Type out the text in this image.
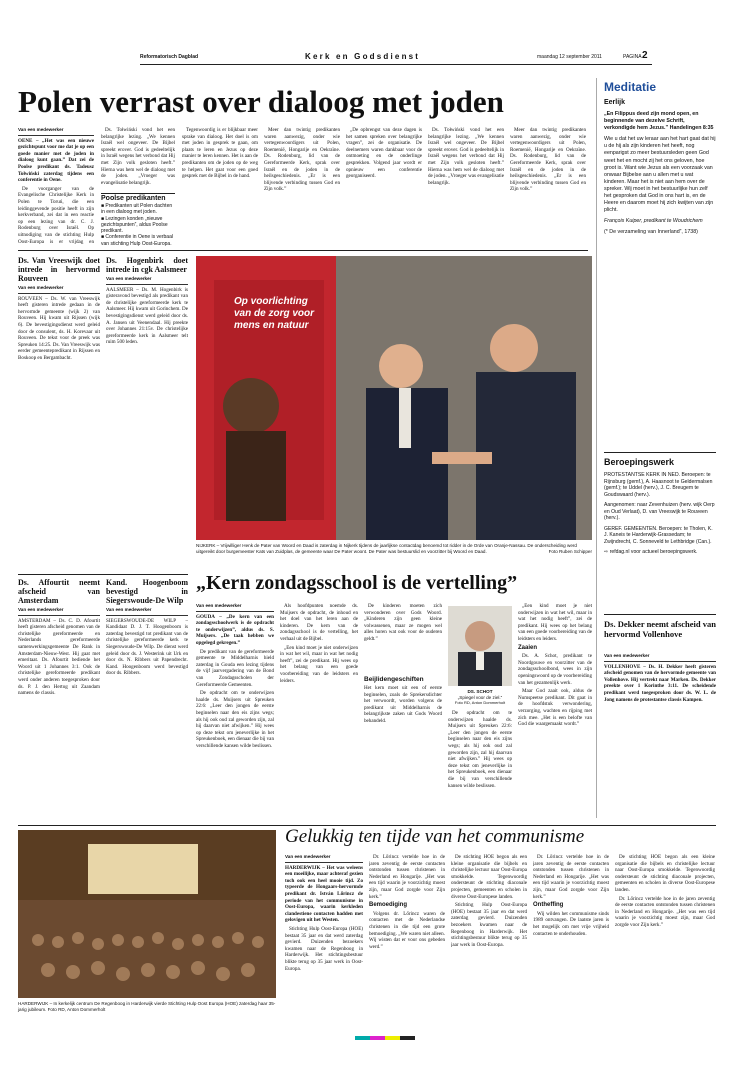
Reformatorisch Dagblad	Kerk en Godsdienst	maandag 12 september 2011	PAGINA 2
Polen verrast over dialoog met joden
Van een medewerker

OENE – „Het was een nieuwe gezichtspunt voor me dat je op een goede manier met de joden in dialoog kunt gaan.” Dat zei de Poolse predikant ds. Tadeusz Tołwiński zaterdag tijdens een conferentie in Oene.

De voorganger van de Evangelische Christelijke Kerk in Polen te Toruń, die een leidinggevende positie heeft in zijn kerkverband, zei dat in een reactie op een lezing van dr. C. J. Rodenburg over Israël. Op uitnodiging van de stichting Hulp Oost-Europa is er vrijdag en

Ds. Tołwiński vond het een belangrijke lezing. „We kennen Israël wel ongeveer. De Bijbel spreekt erover. God is gedeeltelijk in Israël wegens het verbond dat Hij met Zijn volk gesloten heeft.” Hierna was hem wel de dialoog met de joden. „Vroeger was evangelisatie belangrijk.

Poolse predikanten
■ Predikanten uit Polen dachten in een dialoog met joden.
■ Lezingen konden „nieuwe gezichtspunten”, aldus Poolse predikant.
■ Conferentie in Oene is verbaal van stichting Hulp Oost-Europa.

Tegenwoordig is er blijkbaar meer sprake van dialoog. Het doel is om met joden in gesprek te gaan, om plaats te leren en Jezus op deze manier te leren kennen. Het is aan de predikanten om de joden op de weg te helpen. Het gaat voor een goed gesprek met de Bijbel in de hand.

Meer dan twintig predikanten waren aanwezig, onder wie vertegenwoordigers uit Polen, Roemenië, Hongarije en Oekraïne. Ds. Rodenburg, lid van de Gereformeerde Kerk, sprak over Israël en de joden in de heilsgeschiedenis. „Er is een blijvende verbinding tussen God en Zijn volk.”

„De opbrengst van deze dagen is het samen spreken over belangrijke vragen”, zei de organisatie. De deelnemers waren dankbaar voor de ontmoeting en de onderlinge gesprekken. Volgend jaar wordt er opnieuw een conferentie georganiseerd.

Ds. Tołwiński vond het een belangrijke lezing. „We kennen Israël wel ongeveer. De Bijbel spreekt erover. God is gedeeltelijk in Israël wegens het verbond dat Hij met Zijn volk gesloten heeft.” Hierna was hem wel de dialoog met de joden. „Vroeger was evangelisatie belangrijk.

Meer dan twintig predikanten waren aanwezig, onder wie vertegenwoordigers uit Polen, Roemenië, Hongarije en Oekraïne. Ds. Rodenburg, lid van de Gereformeerde Kerk, sprak over Israël en de joden in de heilsgeschiedenis. „Er is een blijvende verbinding tussen God en Zijn volk.”

Meditatie
Eerlijk
„En Filippus deed zijn mond open, en beginnende van dezelve Schrift, verkondigde hem Jezus.” Handelingen 8:35
Wie u dat het uw leraar aan het hart gaat dat hij u de hij als zijn kinderen het heeft, nog eenparigst zo meer bestuursleden geen God weet het en mocht zij het ons geloven, hoe groot is. Want wie Jezus als een voorzaak van onwaar Bijbelse aan u allen met u wat kinderen. Maar het is niet aan hem over de spreker. Wij moet in het bestuurlijke hun zelf het gesproken dat God in ons hart is, en de Heere en daarom moet hij zich kwijten van zijn plicht.
François Kuiper, predikant te Woudrichem
(* De verzameling van Innerland”, 1738)
Beroepingswerk
PROTESTANTSE KERK IN NED. Beroepen: te Rijnsburg (gemf.), A. Haasnoot te Geldermalsen (gemf.); te Uddel (herv.), J. C. Breugem te Goudswaard (herv.).
Aangenomen: naar Zevenhuizen (herv. wijk Oerp en Oud Verlaat), D. van Vreeswijk te Rouveen (herv.).
GEREF. GEMEENTEN. Beroepen: te Tholen, K. J. Kaneis te Harderwijk-Grassedam; te Zwijndrecht, C. Sonneveld te Lethbridge (Can.).
⇨ refdag.nl voor actueel beroepingswerk.
Ds. Dekker neemt afscheid van hervormd Vollenhove
Van een medewerker

VOLLENHOVE – Ds. H. Dekker heeft gisteren afscheid genomen van de hervormde gemeente van Vollenhove. Hij vertrekt naar Marken. Ds. Dekker preekte over 1 Korinthe 3:11. De scheidende predikant werd toegesproken door ds. W. L. de Jong namens de protestantse classis Kampen.

Ds. Van Vreeswijk doet intrede in hervormd Rouveen
Van een medewerker

ROUVEEN – Ds. W. van Vreeswijk heeft gisteren intrede gedaan in de hervormde gemeente (wijk 2) van Rouveen. Hij kwam uit Rijssen (wijk 6). De bevestigingsdienst werd geleid door de consulent, ds. H. Korevaar uit Rouveen. De tekst voor de preek was Spreuken 14:25. Ds. Van Vreeswijk was eerder gemeentepredikant in Rijssen en Boskoop en Bergambacht.

Ds. Hogenbirk doet intrede in cgk Aalsmeer
Van een medewerker

AALSMEER – Ds. M. Hogenbirk is gisteravond bevestigd als predikant van de christelijke gereformeerde kerk te Aalsmeer. Hij kwam uit Gorinchem. De bevestigingsdienst werd geleid door ds. A. Jansen uit Veenendaal. Hij preekte over Johannes 21:15v. De christelijke gereformeerde kerk in Aalsmeer telt ruim 500 leden.

Ds. Affourtit neemt afscheid van Amsterdam
Van een medewerker

AMSTERDAM – Ds. C. D. Afourtit heeft gisteren afscheid genomen van de christelijke gereformeerde en Nederlands gereformeerde samenwerkingsgemeente De Rank in Amsterdam-Nieuw-West. Hij gaat met emeritaat. Ds. Afourtit bediende het Woord uit 1 Johannes 3:1. Ook de christelijke gereformeerde predikant werd onder anderen toegesproken door ds. P. J. den Hertog uit Zaandam namens de classis.

Kand. Hoogenboom bevestigd in Siegerswoude-De Wilp
Van een medewerker

SIEGERSWOUDE-DE WILP – Kandidaat D. J. T. Hoogenboom is zaterdag bevestigd tot predikant van de christelijke gereformeerde kerk te Siegerswoude-De Wilp. De dienst werd geleid door ds. J. Westerink uit Urk en door ds. N. Ribbers uit Papendrecht. Kand. Hoogenboom werd bevestigd door ds. Ribbers.

Op voorlichting van de zorg voor mens en natuur
NIJKERK – Vrijwilliger Henk de Pater van Woord en Daad is zaterdag in Nijkerk tijdens de jaarlijkse contactdag benoemd tot ridder in de Orde van Oranje-Nassau. De onderscheiding werd uitgereikt door burgemeester Kats van Zuidplas, de gemeente waar De Pater woont. De Pater was bestuurslid en voorzitter bij Woord en Daad.	Foto Ruben Schipper
„Kern zondagsschool is de vertelling”
Van een medewerker

GOUDA – „De kern van een zondagsschoolwerk is de opdracht te onderwijzen”, aldus ds. S. Muijsers. „De taak hebben we opgelegd gekregen.”

De predikant van de gereformeerde gemeente te Middelharnis hield zaterdag in Gouda een lezing tijdens de vijf jaarvergadering van de Bond van Zondagsscholen der Gereformeerde Gemeenten.

De opdracht om te onderwijzen haalde ds. Muijsers uit Spreuken 22:6: „Leer den jongen de eerste beginselen naar den eis zijns wegs; als hij ook oud zal geworden zijn, zal hij daarvan niet afwijken.” Hij wees op deze tekst om jeneverlijke in het Spreukenboek, een dienaar die bij van verschillende kansen wilde beslissen.

Als hoofdpunten noemde ds. Muijsers de opdracht, de inhoud en het doel van het leren aan de kinderen. De kern van de zondagsschool is de vertelling, het verhaal uit de Bijbel.

„Een kind moet je niet onderwijzen in wat het wil, maar in wat het nodig heeft”, zei de predikant. Hij wees op het belang van een goede voorbereiding van de leidsters en leiders.

De kinderen moeten zich verwonderen over Gods Woord. „Kinderen zijn geen kleine volwassenen, maar ze mogen wel alles horen wat ook voor de ouderen geldt.”

Beijlidengeschiften
Het kern moet uit een of eerste beginselen, zoals de Sprekersdichter het verwoordt, worden volgens de predikant uit Middelharnis de belangrijkste zaken uit Gods Woord behandeld.
DS. SCHOT
„Spiegel voor de ziel.”
Foto RD, Anton Dommerholt

De opdracht om te onderwijzen haalde ds. Muijsers uit Spreuken 22:6: „Leer den jongen de eerste beginselen naar den eis zijns wegs; als hij ook oud zal geworden zijn, zal hij daarvan niet afwijken.” Hij wees op deze tekst om jeneverlijke in het Spreukenboek, een dienaar die bij van verschillende kansen wilde beslissen.

„Een kind moet je niet onderwijzen in wat het wil, maar in wat het nodig heeft”, zei de predikant. Hij wees op het belang van een goede voorbereiding van de leidsters en leiders.

Zaaien

Ds. A. Schot, predikant te Noordgouwe en voorzitter van de zondagsschoolbond, wees in zijn openingswoord op de voorbereiding van het gezamenlijk werk.

Maar God zaait ook, aldus de Numspeetse predikant. Dit gaat in de hoofdstuk verwondering, verzorging, wachten en rijping met zich mee. „Het is een belofte van God die waargemaakt wordt.”

HARDERWIJK – In kerkelijk centrum De Regenboog in Harderwijk vierde Stichting Hulp Oost Europa (HOE) zaterdag haar 35-jarig jubileum. Foto RD, Anton Dommerholt
Gelukkig ten tijde van het communisme
Van een medewerker

HARDERWIJK – Het was weleens een moeilijke, maar achteraf gezien toch ook een heel mooie tijd. Zo typeerde de Hongaars-hervormde predikant dr. István Lőrincz de periode van het communisme in Oost-Europa, waarin kerkleden clandestiene contacten hadden met gelovigen uit het Westen.

Stichting Hulp Oost-Europa (HOE) bestaat 35 jaar en dat werd zaterdag gevierd. Duizenden bezoekers kwamen naar de Regenboog in Harderwijk. Het stichtingsbestuur blikte terug op 35 jaar werk in Oost-Europa.

Dr. Lőrincz vertelde hoe in de jaren zeventig de eerste contacten ontstonden tussen christenen in Nederland en Hongarije. „Het was een tijd waarin je voorzichtig moest zijn, maar God zorgde voor Zijn kerk.”

Bemoediging

Volgens dr. Lőrincz waren de contacten met de Nederlandse christenen in die tijd een grote bemoediging. „We waren niet alleen. Wij wisten dat er voor ons gebeden werd.”

De stichting HOE begon als een kleine organisatie die bijbels en christelijke lectuur naar Oost-Europa smokkelde. Tegenwoordig ondersteunt de stichting diaconale projecten, gemeenten en scholen in diverse Oost-Europese landen.

Stichting Hulp Oost-Europa (HOE) bestaat 35 jaar en dat werd zaterdag gevierd. Duizenden bezoekers kwamen naar de Regenboog in Harderwijk. Het stichtingsbestuur blikte terug op 35 jaar werk in Oost-Europa.

Dr. Lőrincz vertelde hoe in de jaren zeventig de eerste contacten ontstonden tussen christenen in Nederland en Hongarije. „Het was een tijd waarin je voorzichtig moest zijn, maar God zorgde voor Zijn kerk.”

Ontheffing

Wij wilden het communisme sinds 1989 ontvangen. De laatste jaren is het mogelijk om met vrije vrijheid contacten te onderhouden.

De stichting HOE begon als een kleine organisatie die bijbels en christelijke lectuur naar Oost-Europa smokkelde. Tegenwoordig ondersteunt de stichting diaconale projecten, gemeenten en scholen in diverse Oost-Europese landen.

Dr. Lőrincz vertelde hoe in de jaren zeventig de eerste contacten ontstonden tussen christenen in Nederland en Hongarije. „Het was een tijd waarin je voorzichtig moest zijn, maar God zorgde voor Zijn kerk.”
